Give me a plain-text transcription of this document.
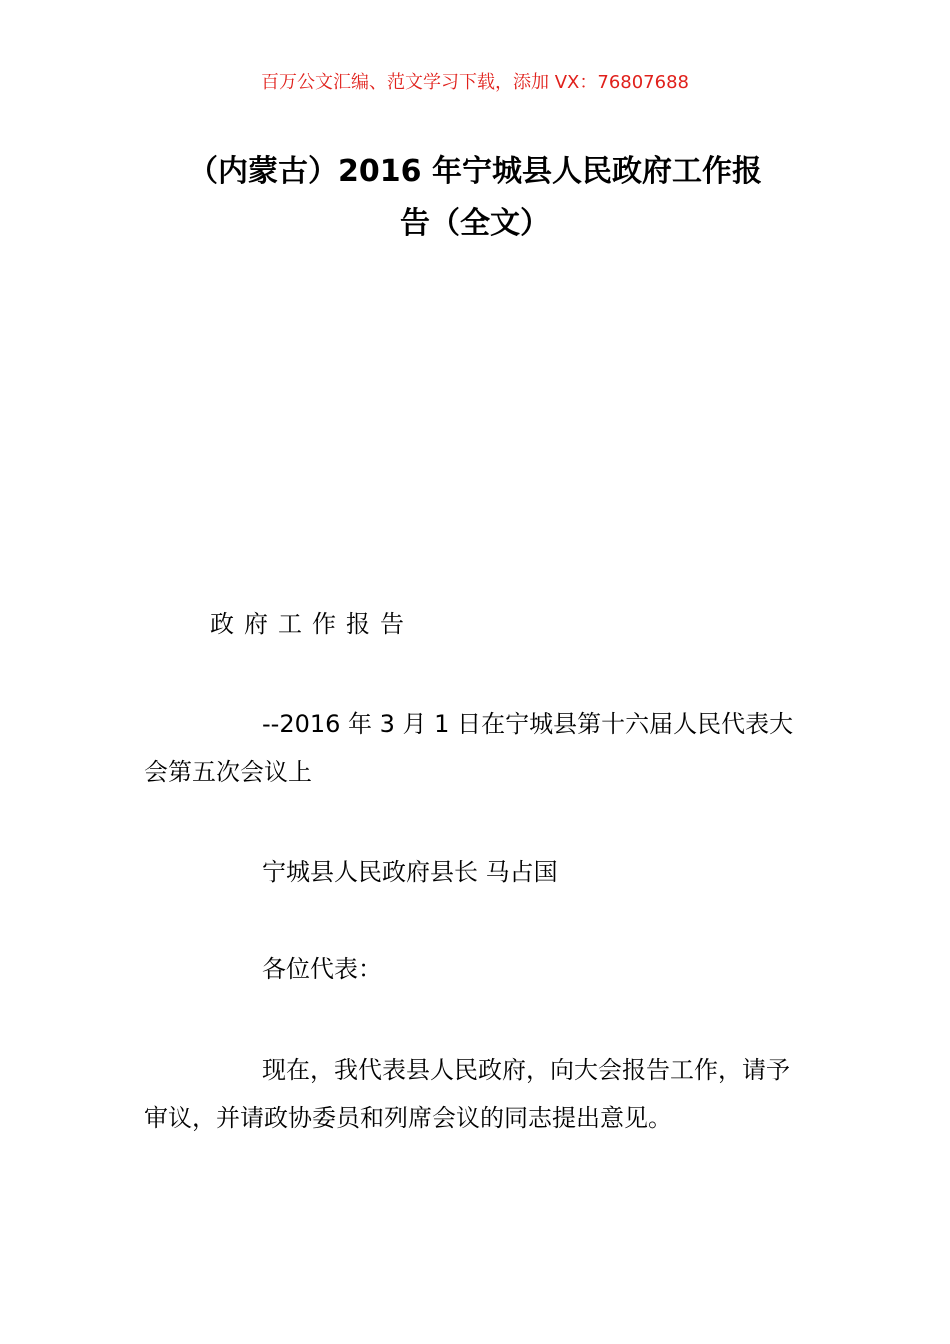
百万公文汇编、范文学习下载，添加 VX：76807688
（内蒙古）2016 年宁城县人民政府工作报
告（全文）
政府工作报告
--2016 年 3 月 1 日在宁城县第十六届人民代表大会第五次会议上
宁城县人民政府县长 马占国
各位代表：
现在，我代表县人民政府，向大会报告工作，请予审议，并请政协委员和列席会议的同志提出意见。
